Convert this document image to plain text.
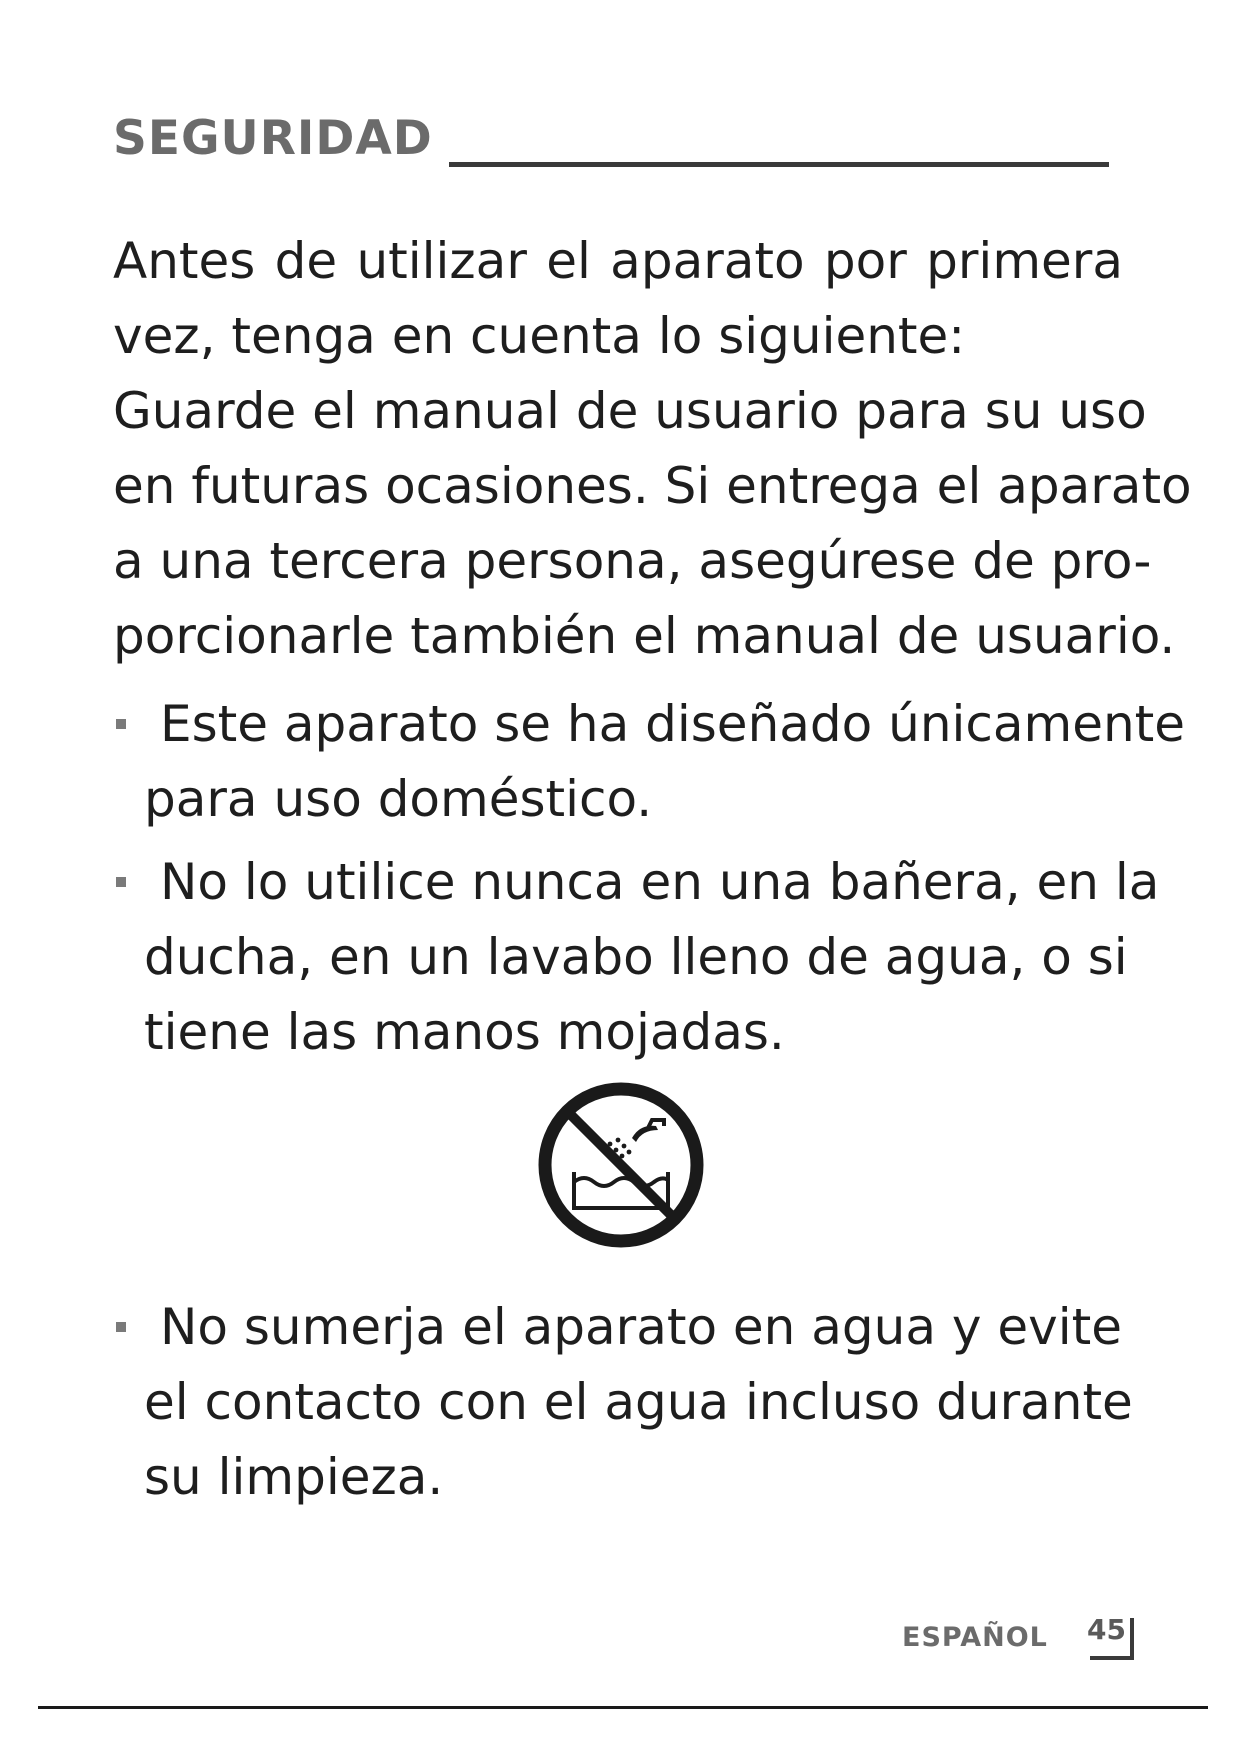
SEGURIDAD
Antes de utilizar el aparato por primera
vez, tenga en cuenta lo siguiente:
Guarde el manual de usuario para su uso
en futuras ocasiones. Si entrega el aparato
a una tercera persona, asegúrese de pro-
porcionarle también el manual de usuario.
Este aparato se ha diseñado únicamente
para uso doméstico.
No lo utilice nunca en una bañera, en la
ducha, en un lavabo lleno de agua, o si
tiene las manos mojadas.
No sumerja el aparato en agua y evite
el contacto con el agua incluso durante
su limpieza.
ESPAÑOL 45
